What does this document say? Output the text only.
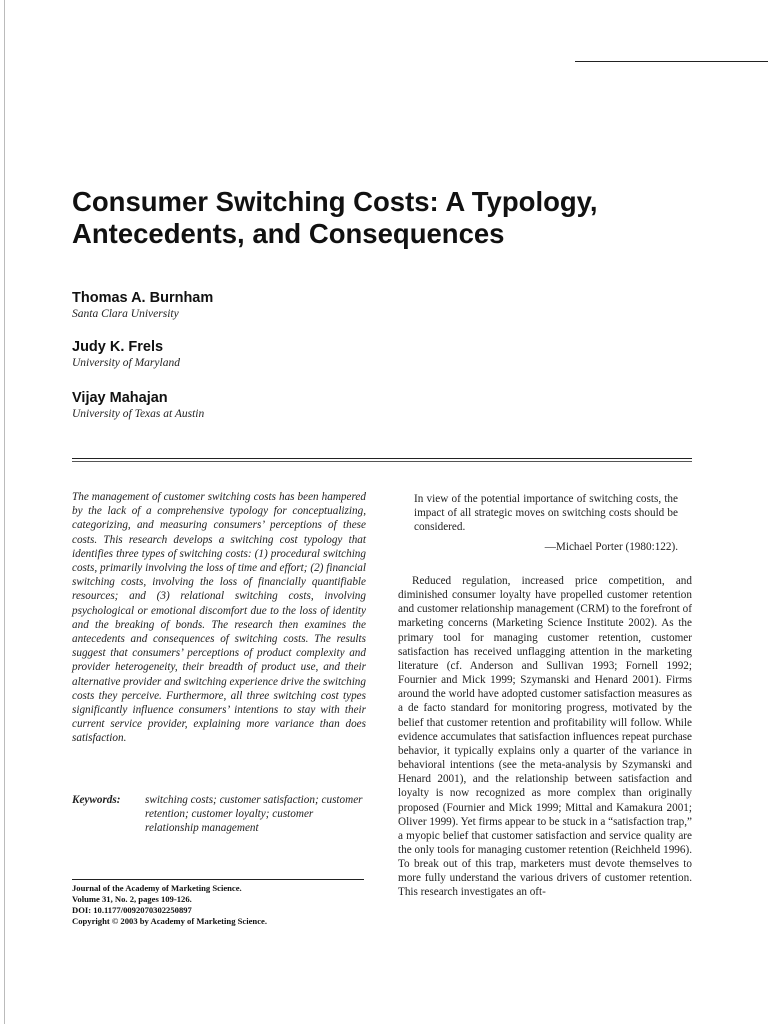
Consumer Switching Costs: A Typology,
Antecedents, and Consequences
Thomas A. Burnham
Santa Clara University
Judy K. Frels
University of Maryland
Vijay Mahajan
University of Texas at Austin
The management of customer switching costs has been hampered by the lack of a comprehensive typology for conceptualizing, categorizing, and measuring consumers’ perceptions of these costs. This research develops a switching cost typology that identifies three types of switching costs: (1) procedural switching costs, primarily involving the loss of time and effort; (2) financial switching costs, involving the loss of financially quantifiable resources; and (3) relational switching costs, involving psychological or emotional discomfort due to the loss of identity and the breaking of bonds. The research then examines the antecedents and consequences of switching costs. The results suggest that consumers’ perceptions of product complexity and provider heterogeneity, their breadth of product use, and their alternative provider and switching experience drive the switching costs they perceive. Furthermore, all three switching cost types significantly influence consumers’ intentions to stay with their current service provider, explaining more variance than does satisfaction.
Keywords:	switching costs; customer satisfaction; customer retention; customer loyalty; customer relationship management
Journal of the Academy of Marketing Science.
Volume 31, No. 2, pages 109-126.
DOI: 10.1177/0092070302250897
Copyright © 2003 by Academy of Marketing Science.
In view of the potential importance of switching costs, the impact of all strategic moves on switching costs should be considered.
—Michael Porter (1980:122).
Reduced regulation, increased price competition, and diminished consumer loyalty have propelled customer retention and customer relationship management (CRM) to the forefront of marketing concerns (Marketing Science Institute 2002). As the primary tool for managing customer retention, customer satisfaction has received unflagging attention in the marketing literature (cf. Anderson and Sullivan 1993; Fornell 1992; Fournier and Mick 1999; Szymanski and Henard 2001). Firms around the world have adopted customer satisfaction measures as a de facto standard for monitoring progress, motivated by the belief that customer retention and profitability will follow. While evidence accumulates that satisfaction influences repeat purchase behavior, it typically explains only a quarter of the variance in behavioral intentions (see the meta-analysis by Szymanski and Henard 2001), and the relationship between satisfaction and loyalty is now recognized as more complex than originally proposed (Fournier and Mick 1999; Mittal and Kamakura 2001; Oliver 1999). Yet firms appear to be stuck in a “satisfaction trap,” a myopic belief that customer satisfaction and service quality are the only tools for managing customer retention (Reichheld 1996). To break out of this trap, marketers must devote themselves to more fully understand the various drivers of customer retention. This research investigates an oft-
